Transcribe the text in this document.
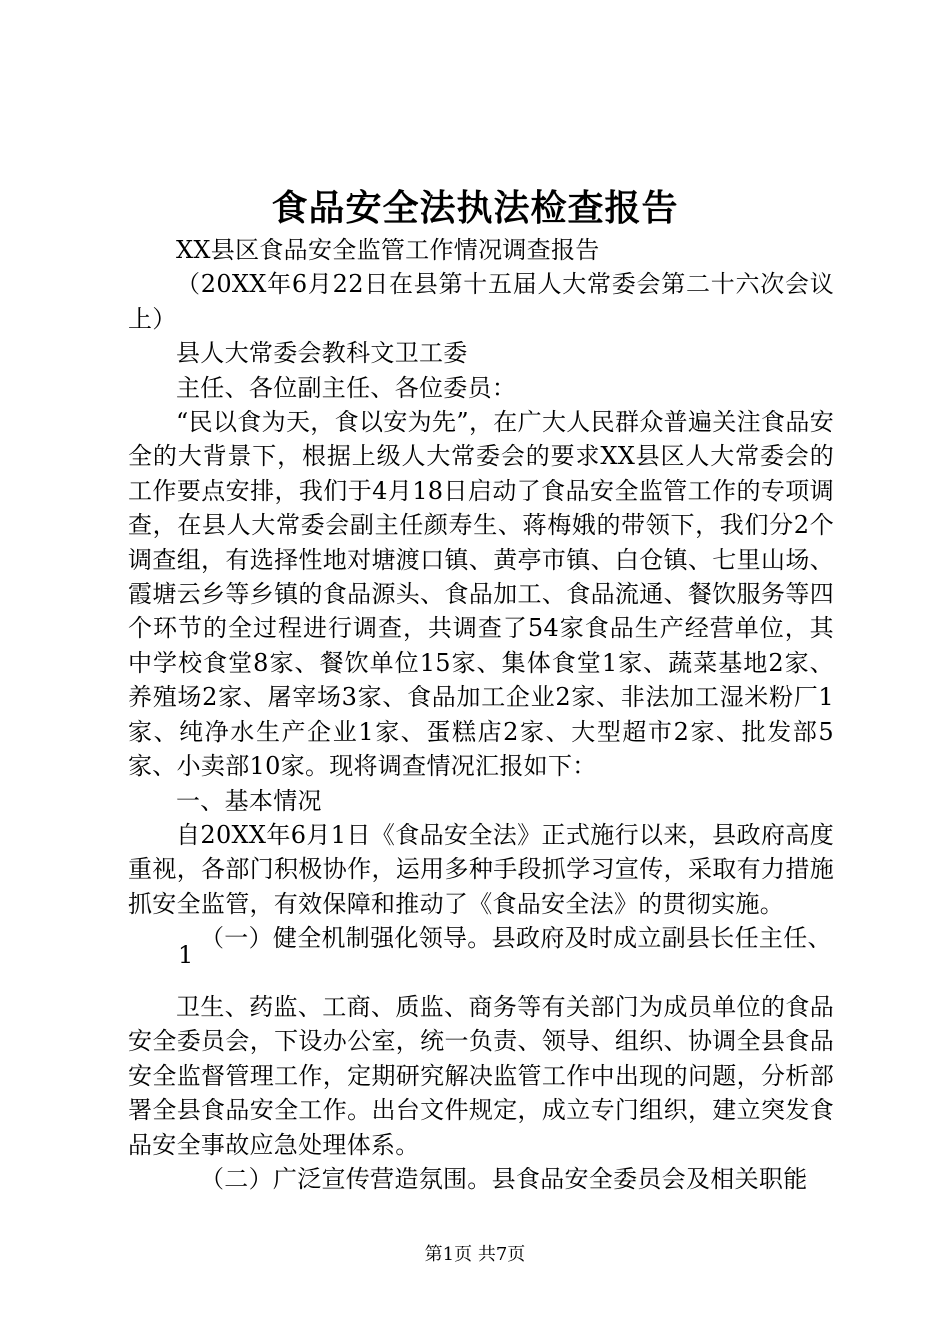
食品安全法执法检查报告

XX县区食品安全监管工作情况调查报告

（20XX年6月22日在县第十五届人大常委会第二十六次会议上）

县人大常委会教科文卫工委

主任、各位副主任、各位委员：

“民以食为天，食以安为先”，在广大人民群众普遍关注食品安全的大背景下，根据上级人大常委会的要求XX县区人大常委会的工作要点安排，我们于4月18日启动了食品安全监管工作的专项调查，在县人大常委会副主任颜寿生、蒋梅娥的带领下，我们分2个调查组，有选择性地对塘渡口镇、黄亭市镇、白仓镇、七里山场、霞塘云乡等乡镇的食品源头、食品加工、食品流通、餐饮服务等四个环节的全过程进行调查，共调查了54家食品生产经营单位，其中学校食堂8家、餐饮单位15家、集体食堂1家、蔬菜基地2家、养殖场2家、屠宰场3家、食品加工企业2家、非法加工湿米粉厂1家、纯净水生产企业1家、蛋糕店2家、大型超市2家、批发部5家、小卖部10家。现将调查情况汇报如下：

一、基本情况

自20XX年6月1日《食品安全法》正式施行以来，县政府高度重视，各部门积极协作，运用多种手段抓学习宣传，采取有力措施抓安全监管，有效保障和推动了《食品安全法》的贯彻实施。

（一）健全机制强化领导。县政府及时成立副县长任主任、

1

卫生、药监、工商、质监、商务等有关部门为成员单位的食品安全委员会，下设办公室，统一负责、领导、组织、协调全县食品安全监督管理工作，定期研究解决监管工作中出现的问题，分析部署全县食品安全工作。出台文件规定，成立专门组织，建立突发食品安全事故应急处理体系。

（二）广泛宣传营造氛围。县食品安全委员会及相关职能

第1页 共7页
